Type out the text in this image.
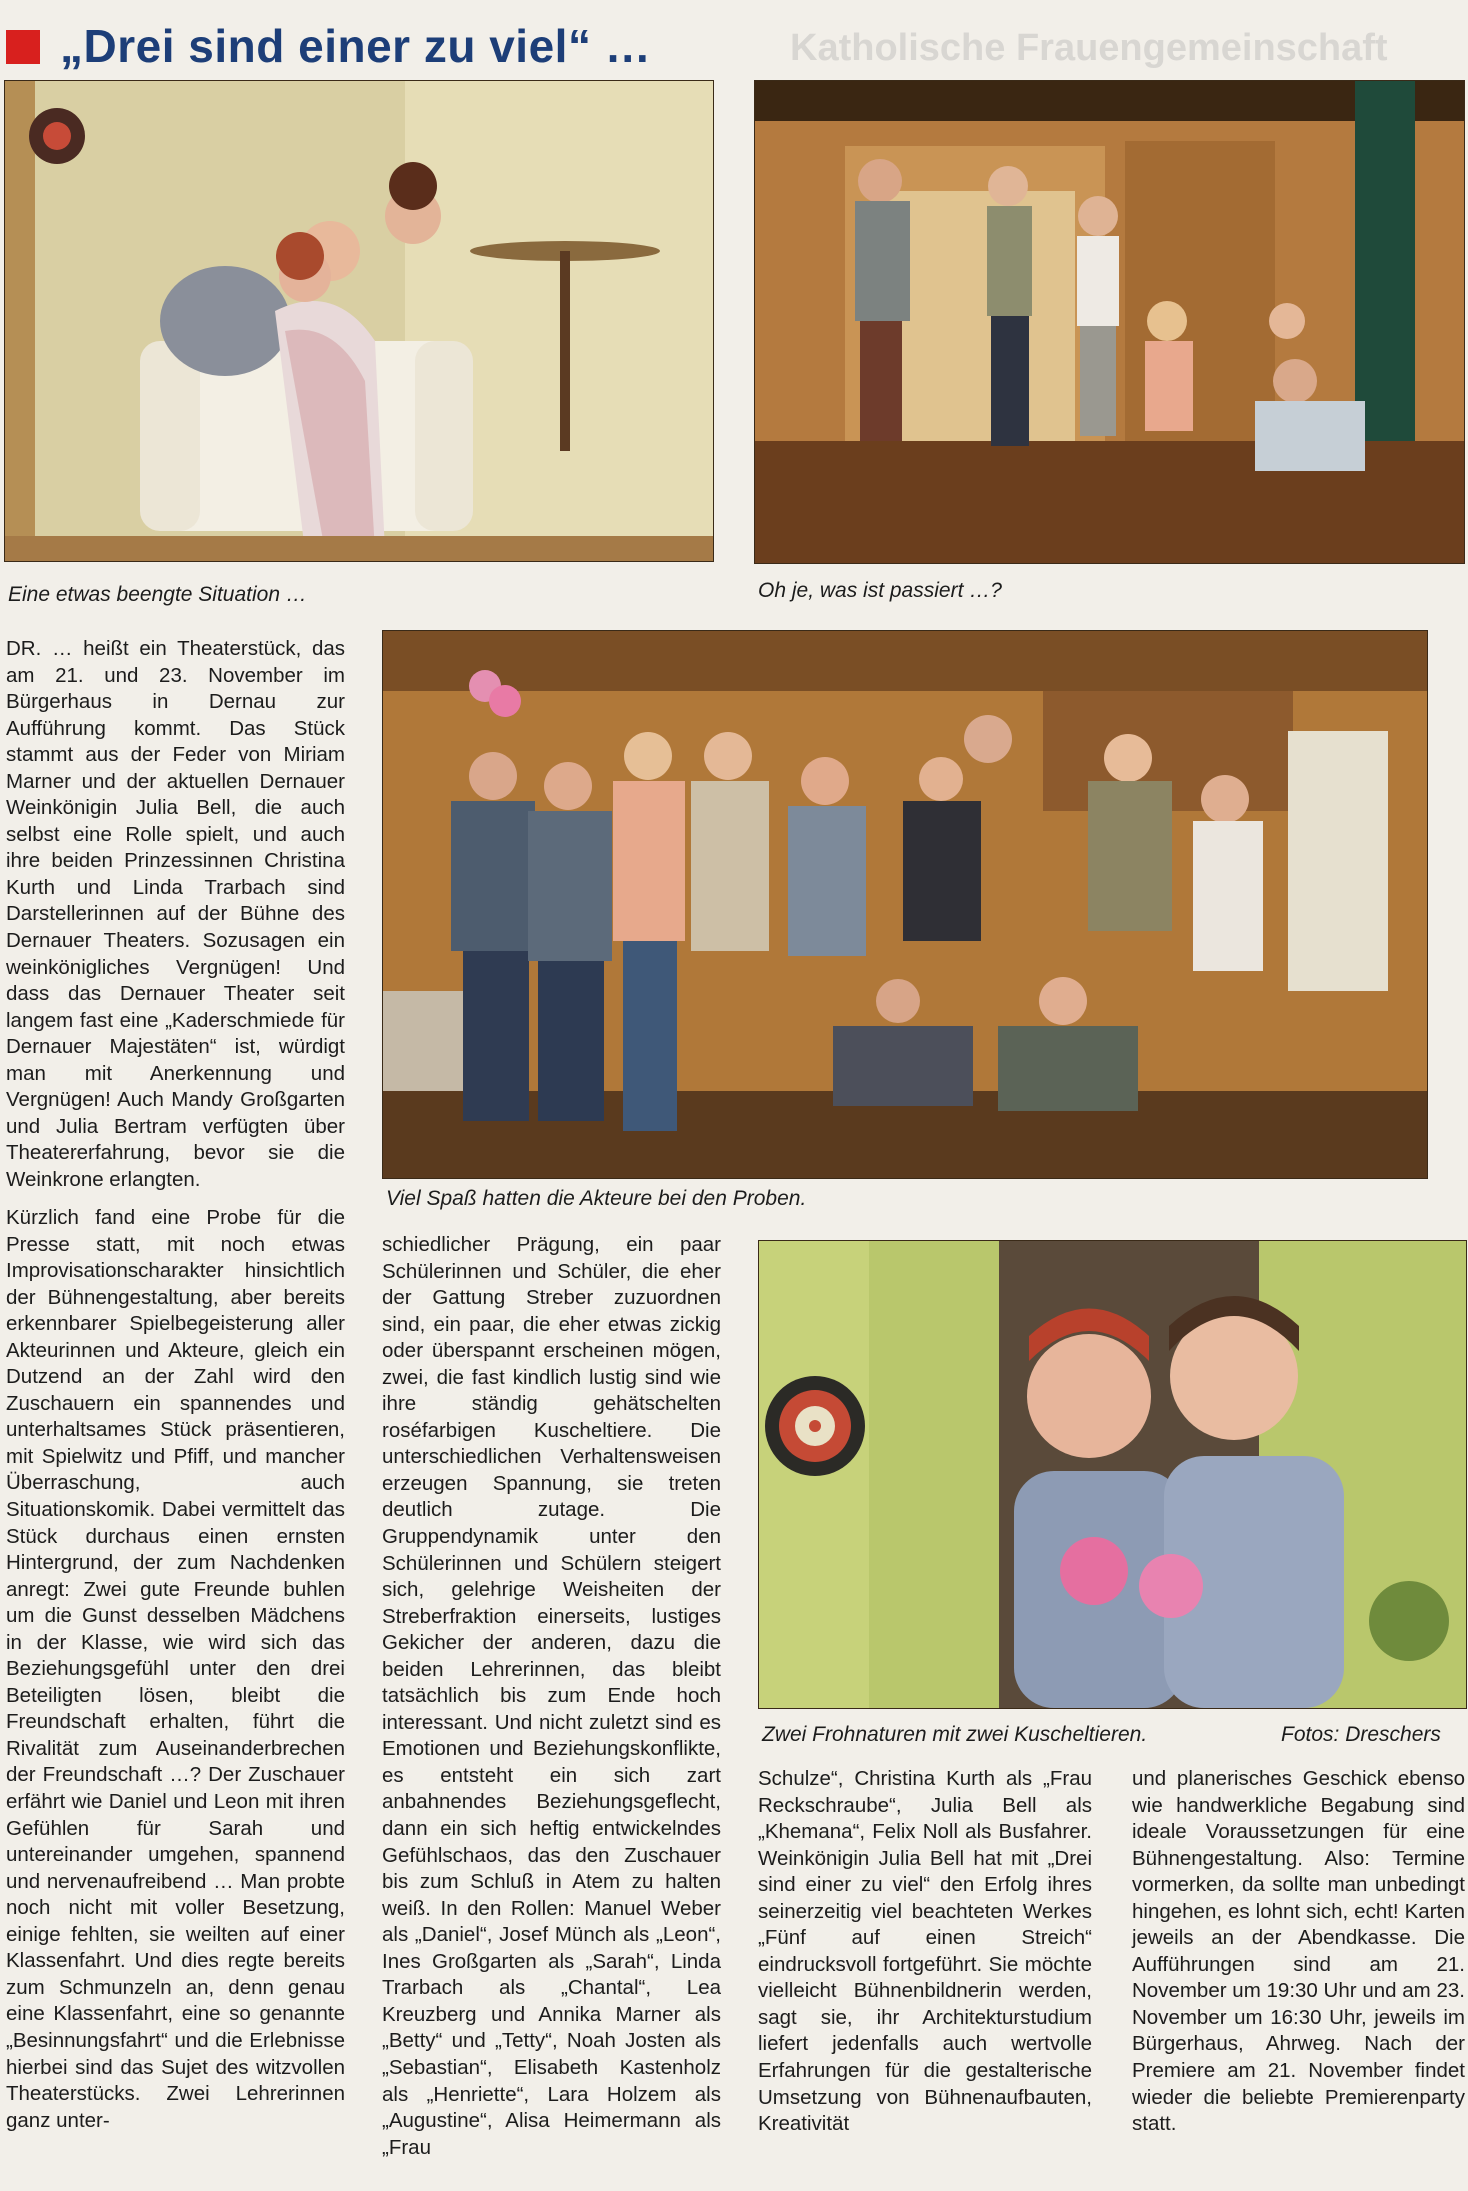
„Drei sind einer zu viel“ …	Katholische Frauengemeinschaft
Eine etwas beengte Situation …	Oh je, was ist passiert …?

DR. … heißt ein Theaterstück, das am 21. und 23. November im Bürgerhaus in Dernau zur Aufführung kommt. Das Stück stammt aus der Feder von Miriam Marner und der aktuellen Dernauer Weinkönigin Julia Bell, die auch selbst eine Rolle spielt, und auch ihre beiden Prinzessinnen Christina Kurth und Linda Trarbach sind Darstellerinnen auf der Bühne des Dernauer Theaters. Sozusagen ein weinkönigliches Vergnügen! Und dass das Dernauer Theater seit langem fast eine „Kaderschmiede für Dernauer Majestäten“ ist, würdigt man mit Anerkennung und Vergnügen! Auch Mandy Großgarten und Julia Bertram verfügten über Theatererfahrung, bevor sie die Weinkrone erlangten.

Kürzlich fand eine Probe für die Presse statt, mit noch etwas Improvisationscharakter hinsichtlich der Bühnengestaltung, aber bereits erkennbarer Spielbegeisterung aller Akteurinnen und Akteure, gleich ein Dutzend an der Zahl wird den Zuschauern ein spannendes und unterhaltsames Stück präsentieren, mit Spielwitz und Pfiff, und mancher Überraschung, auch Situationskomik. Dabei vermittelt das Stück durchaus einen ernsten Hintergrund, der zum Nachdenken anregt: Zwei gute Freunde buhlen um die Gunst desselben Mädchens in der Klasse, wie wird sich das Beziehungsgefühl unter den drei Beteiligten lösen, bleibt die Freundschaft erhalten, führt die Rivalität zum Auseinanderbrechen der Freundschaft …? Der Zuschauer erfährt wie Daniel und Leon mit ihren Gefühlen für Sarah und untereinander umgehen, spannend und nervenaufreibend … Man probte noch nicht mit voller Besetzung, einige fehlten, sie weilten auf einer Klassenfahrt. Und dies regte bereits zum Schmunzeln an, denn genau eine Klassenfahrt, eine so genannte „Besinnungsfahrt“ und die Erlebnisse hierbei sind das Sujet des witzvollen Theaterstücks. Zwei Lehrerinnen ganz unter-

Viel Spaß hatten die Akteure bei den Proben.

schiedlicher Prägung, ein paar Schülerinnen und Schüler, die eher der Gattung Streber zuzuordnen sind, ein paar, die eher etwas zickig oder überspannt erscheinen mögen, zwei, die fast kindlich lustig sind wie ihre ständig gehätschelten roséfarbigen Kuscheltiere. Die unterschiedlichen Verhaltensweisen erzeugen Spannung, sie treten deutlich zutage. Die Gruppendynamik unter den Schülerinnen und Schülern steigert sich, gelehrige Weisheiten der Streberfraktion einerseits, lustiges Gekicher der anderen, dazu die beiden Lehrerinnen, das bleibt tatsächlich bis zum Ende hoch interessant. Und nicht zuletzt sind es Emotionen und Beziehungskonflikte, es entsteht ein sich zart anbahnendes Beziehungsgeflecht, dann ein sich heftig entwickelndes Gefühlschaos, das den Zuschauer bis zum Schluß in Atem zu halten weiß. In den Rollen: Manuel Weber als „Daniel“, Josef Münch als „Leon“, Ines Großgarten als „Sarah“, Linda Trarbach als „Chantal“, Lea Kreuzberg und Annika Marner als „Betty“ und „Tetty“, Noah Josten als „Sebastian“, Elisabeth Kastenholz als „Henriette“, Lara Holzem als „Augustine“, Alisa Heimermann als „Frau

Zwei Frohnaturen mit zwei Kuscheltieren.	Fotos: Dreschers

Schulze“, Christina Kurth als „Frau Reckschraube“, Julia Bell als „Khemana“, Felix Noll als Busfahrer. Weinkönigin Julia Bell hat mit „Drei sind einer zu viel“ den Erfolg ihres seinerzeitig viel beachteten Werkes „Fünf auf einen Streich“ eindrucksvoll fortgeführt. Sie möchte vielleicht Bühnenbildnerin werden, sagt sie, ihr Architekturstudium liefert jedenfalls auch wertvolle Erfahrungen für die gestalterische Umsetzung von Bühnenaufbauten, Kreativität

und planerisches Geschick ebenso wie handwerkliche Begabung sind ideale Voraussetzungen für eine Bühnengestaltung. Also: Termine vormerken, da sollte man unbedingt hingehen, es lohnt sich, echt! Karten jeweils an der Abendkasse. Die Aufführungen sind am 21. November um 19:30 Uhr und am 23. November um 16:30 Uhr, jeweils im Bürgerhaus, Ahrweg. Nach der Premiere am 21. November findet wieder die beliebte Premierenparty statt.
